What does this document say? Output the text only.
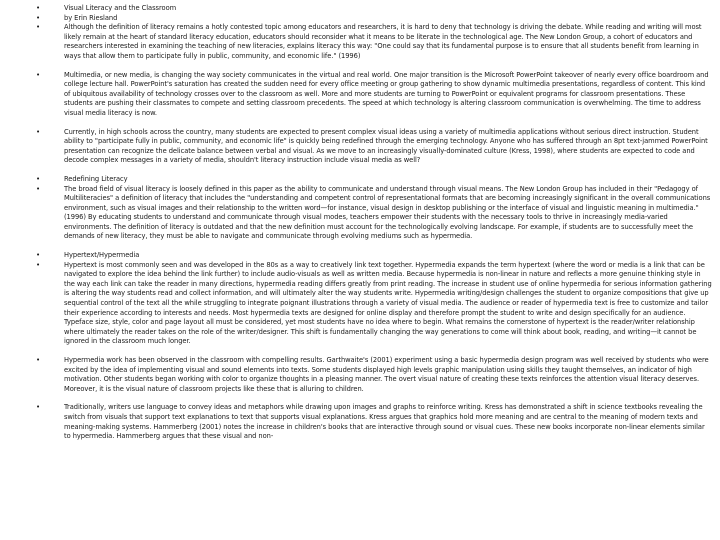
• Visual Literacy and the Classroom
• by Erin Riesland
• Although the definition of literacy remains a hotly contested topic among educators and researchers, it is hard to deny that technology is driving the debate. While reading and writing will most likely remain at the heart of standard literacy education, educators should reconsider what it means to be literate in the technological age. The New London Group, a cohort of educators and researchers interested in examining the teaching of new literacies, explains literacy this way: "One could say that its fundamental purpose is to ensure that all students benefit from learning in ways that allow them to participate fully in public, community, and economic life." (1996)
• Multimedia, or new media, is changing the way society communicates in the virtual and real world. One major transition is the Microsoft PowerPoint takeover of nearly every office boardroom and college lecture hall. PowerPoint's saturation has created the sudden need for every office meeting or group gathering to show dynamic multimedia presentations, regardless of content. This kind of ubiquitous availability of technology crosses over to the classroom as well. More and more students are turning to PowerPoint or equivalent programs for classroom presentations. These students are pushing their classmates to compete and setting classroom precedents. The speed at which technology is altering classroom communication is overwhelming. The time to address visual media literacy is now.
• Currently, in high schools across the country, many students are expected to present complex visual ideas using a variety of multimedia applications without serious direct instruction. Student ability to "participate fully in public, community, and economic life" is quickly being redefined through the emerging technology. Anyone who has suffered through an 8pt text-jammed PowerPoint presentation can recognize the delicate balance between verbal and visual. As we move to an increasingly visually-dominated culture (Kress, 1998), where students are expected to code and decode complex messages in a variety of media, shouldn't literacy instruction include visual media as well?
• Redefining Literacy
• The broad field of visual literacy is loosely defined in this paper as the ability to communicate and understand through visual means. The New London Group has included in their "Pedagogy of Multiliteracies" a definition of literacy that includes the "understanding and competent control of representational formats that are becoming increasingly significant in the overall communications environment, such as visual images and their relationship to the written word—for instance, visual design in desktop publishing or the interface of visual and linguistic meaning in multimedia." (1996) By educating students to understand and communicate through visual modes, teachers empower their students with the necessary tools to thrive in increasingly media-varied environments. The definition of literacy is outdated and that the new definition must account for the technologically evolving landscape. For example, if students are to successfully meet the demands of new literacy, they must be able to navigate and communicate through evolving mediums such as hypermedia.
• Hypertext/Hypermedia
• Hypertext is most commonly seen and was developed in the 80s as a way to creatively link text together. Hypermedia expands the term hypertext (where the word or media is a link that can be navigated to explore the idea behind the link further) to include audio-visuals as well as written media. Because hypermedia is non-linear in nature and reflects a more genuine thinking style in the way each link can take the reader in many directions, hypermedia reading differs greatly from print reading. The increase in student use of online hypermedia for serious information gathering is altering the way students read and collect information, and will ultimately alter the way students write. Hypermedia writing/design challenges the student to organize compositions that give up sequential control of the text all the while struggling to integrate poignant illustrations through a variety of visual media. The audience or reader of hypermedia text is free to customize and tailor their experience according to interests and needs. Most hypermedia texts are designed for online display and therefore prompt the student to write and design specifically for an audience. Typeface size, style, color and page layout all must be considered, yet most students have no idea where to begin. What remains the cornerstone of hypertext is the reader/writer relationship where ultimately the reader takes on the role of the writer/designer. This shift is fundamentally changing the way generations to come will think about book, reading, and writing—it cannot be ignored in the classroom much longer.
• Hypermedia work has been observed in the classroom with compelling results. Garthwaite's (2001) experiment using a basic hypermedia design program was well received by students who were excited by the idea of implementing visual and sound elements into texts. Some students displayed high levels graphic manipulation using skills they taught themselves, an indicator of high motivation. Other students began working with color to organize thoughts in a pleasing manner. The overt visual nature of creating these texts reinforces the attention visual literacy deserves. Moreover, it is the visual nature of classroom projects like these that is alluring to children.
• Traditionally, writers use language to convey ideas and metaphors while drawing upon images and graphs to reinforce writing. Kress has demonstrated a shift in science textbooks revealing the switch from visuals that support text explanations to text that supports visual explanations. Kress argues that graphics hold more meaning and are central to the meaning of modern texts and meaning-making systems. Hammerberg (2001) notes the increase in children's books that are interactive through sound or visual cues. These new books incorporate non-linear elements similar to hypermedia. Hammerberg argues that these visual and non-
